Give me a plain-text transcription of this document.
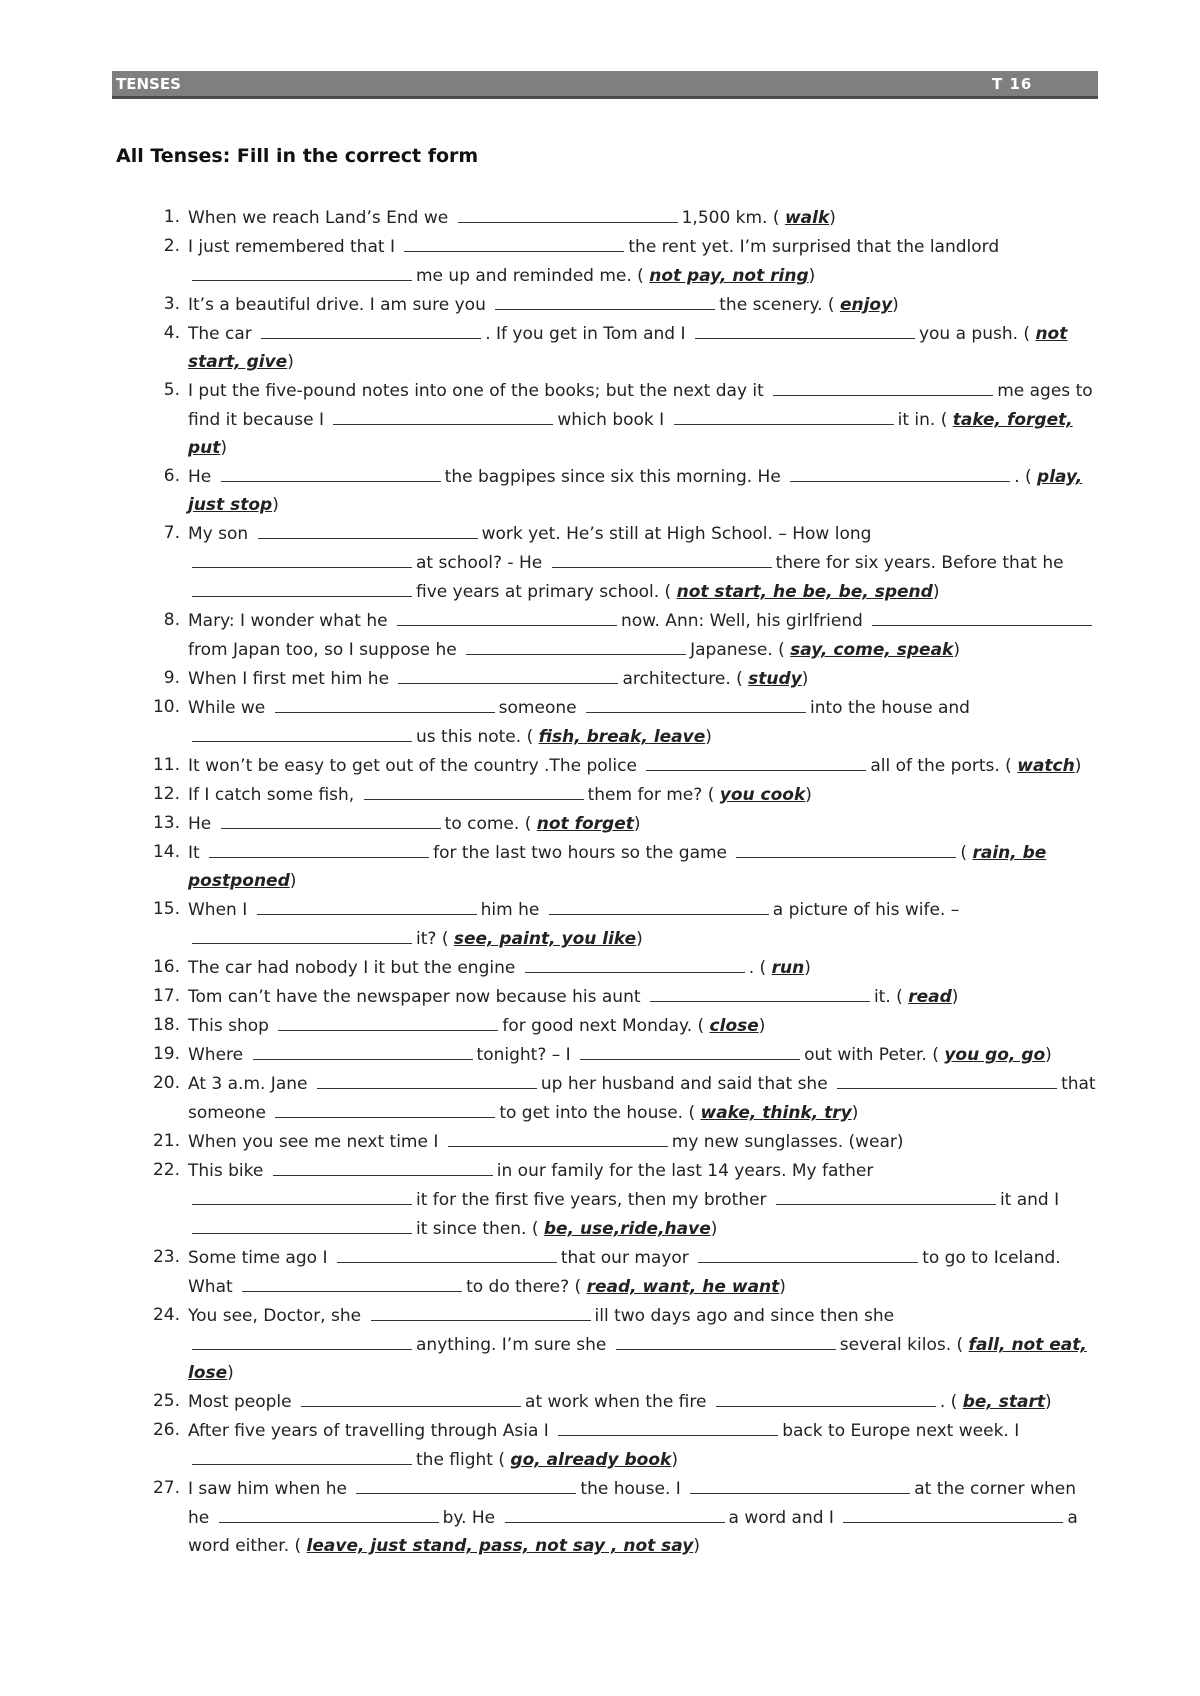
TENSES	T 16
All Tenses: Fill in the correct form
1. When we reach Land’s End we	1,500 km. ( walk)
2. I just remembered that I	the rent yet. I’m surprised that the landlord me up and reminded me. ( not pay, not ring)
3. It’s a beautiful drive. I am sure you	the scenery. ( enjoy)
4. The car	. If you get in Tom and I	you a push. ( not start, give)
5. I put the five-pound notes into one of the books; but the next day it	me ages to find it because I	which book I	it in. ( take, forget, put)
6. He	the bagpipes since six this morning. He	. ( play, just stop)
7. My son	work yet. He’s still at High School. – How long at school? - He	there for six years. Before that he five years at primary school. ( not start, he be, be, spend)
8. Mary: I wonder what he	now. Ann: Well, his girlfriend from Japan too, so I suppose he	Japanese. ( say, come, speak)
9. When I first met him he	architecture. ( study)
10. While we	someone	into the house and us this note. ( fish, break, leave)
11. It won’t be easy to get out of the country .The police	all of the ports. ( watch)
12. If I catch some fish,	them for me? ( you cook)
13. He	to come. ( not forget)
14. It	for the last two hours so the game	( rain, be postponed)
15. When I	him he	a picture of his wife. – it? ( see, paint, you like)
16. The car had nobody I it but the engine	. ( run)
17. Tom can’t have the newspaper now because his aunt	it. ( read)
18. This shop	for good next Monday. ( close)
19. Where	tonight? – I	out with Peter. ( you go, go)
20. At 3 a.m. Jane	up her husband and said that she	that someone	to get into the house. ( wake, think, try)
21. When you see me next time I	my new sunglasses. (wear)
22. This bike	in our family for the last 14 years. My father it for the first five years, then my brother	it and I it since then. ( be, use,ride,have)
23. Some time ago I	that our mayor	to go to Iceland. What	to do there? ( read, want, he want)
24. You see, Doctor, she	ill two days ago and since then she anything. I’m sure she	several kilos. ( fall, not eat, lose)
25. Most people	at work when the fire	. ( be, start)
26. After five years of travelling through Asia I	back to Europe next week. I the flight ( go, already book)
27. I saw him when he	the house. I	at the corner when he	by. He	a word and I	a word either. ( leave, just stand, pass, not say , not say)
